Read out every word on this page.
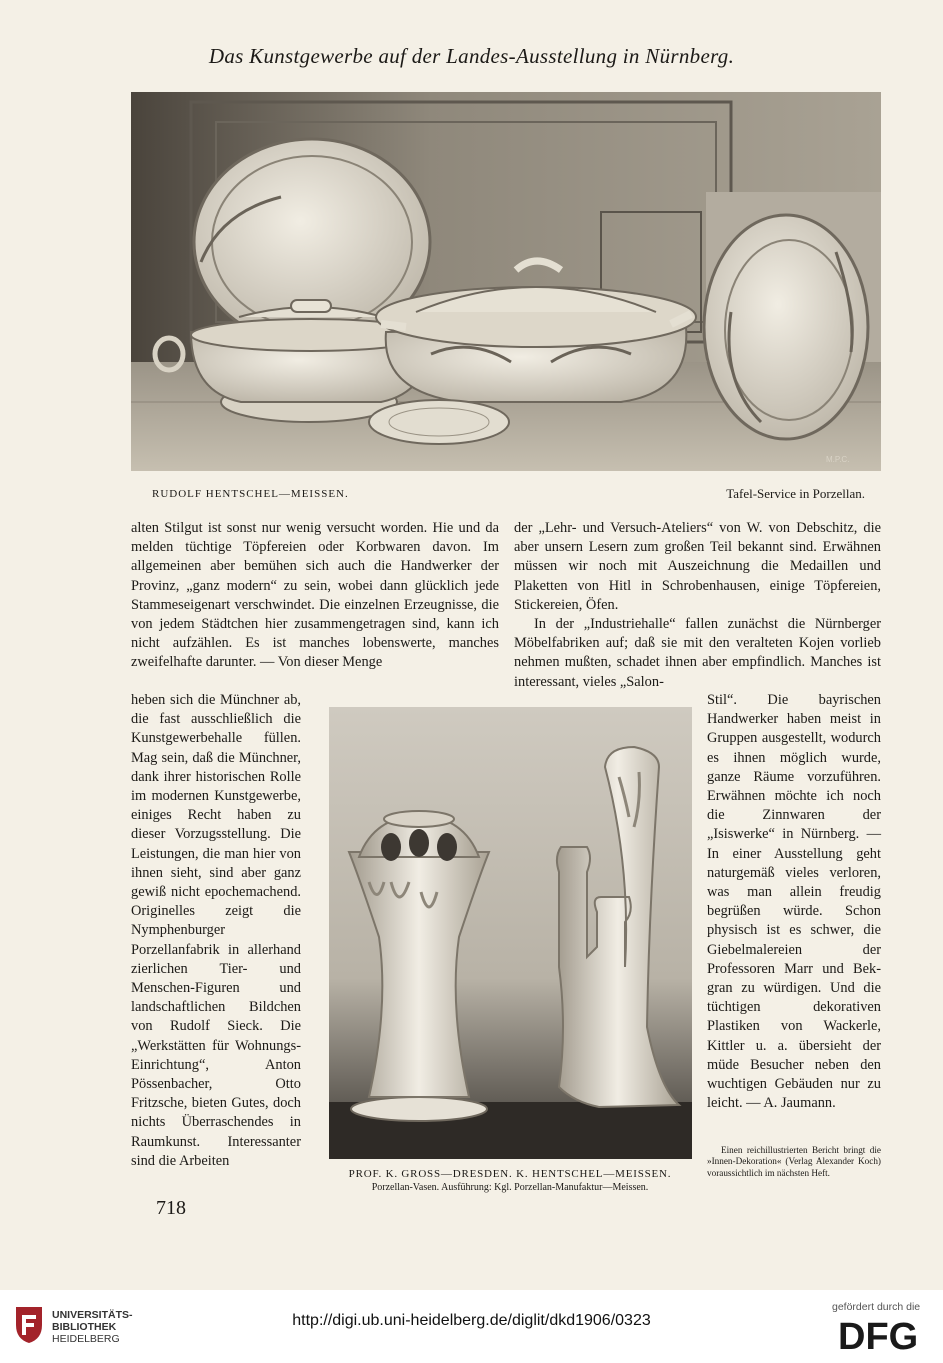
Das Kunstgewerbe auf der Landes-Ausstellung in Nürnberg.
M.P.C.
RUDOLF HENTSCHEL—MEISSEN.	Tafel-Service in Porzellan.

alten Stilgut ist sonst nur wenig versucht worden. Hie und da melden tüchtige Töpfereien oder Korbwaren davon. Im allgemeinen aber bemühen sich auch die Handwerker der Provinz, „ganz modern“ zu sein, wobei dann glücklich jede Stammeseigenart verschwindet. Die einzelnen Erzeugnisse, die von jedem Städtchen hier zusammengetragen sind, kann ich nicht aufzählen. Es ist manches lobenswerte, manches zweifelhafte darunter. — Von dieser Menge

heben sich die Münchner ab, die fast ausschließlich die Kunstgewerbehalle füllen. Mag sein, daß die Münchner, dank ihrer historischen Rolle im modernen Kunstgewerbe, einiges Recht haben zu dieser Vorzugsstellung. Die Leistungen, die man hier von ihnen sieht, sind aber ganz gewiß nicht epochemachend. Originelles zeigt die Nymphenburger Porzellanfabrik in allerhand zierlichen Tier- und Menschen-Figuren und landschaftlichen Bildchen von Rudolf Sieck. Die „Werkstätten für Wohnungs-Einrichtung“, Anton Pössenbacher, Otto Fritzsche, bieten Gutes, doch nichts Überraschendes in Raumkunst. Interessanter sind die Arbeiten

der „Lehr- und Versuch-Ateliers“ von W. von Debschitz, die aber unsern Lesern zum großen Teil bekannt sind. Erwähnen müssen wir noch mit Auszeichnung die Medaillen und Plaketten von Hitl in Schrobenhausen, einige Töpfereien, Stickereien, Öfen.

In der „Industriehalle“ fallen zunächst die Nürnberger Möbelfabriken auf; daß sie mit den veralteten Kojen vorlieb nehmen mußten, schadet ihnen aber empfindlich. Manches ist interessant, vieles „Salon-

Stil“. Die bayrischen Handwerker haben meist in Gruppen ausgestellt, wodurch es ihnen möglich wurde, ganze Räume vorzuführen. Erwähnen möchte ich noch die Zinnwaren der „Isiswerke“ in Nürnberg. — In einer Ausstellung geht naturgemäß vieles verloren, was man allein freudig begrüßen würde. Schon physisch ist es schwer, die Giebelmalereien der Professoren Marr und Bek-gran zu würdigen. Und die tüchtigen dekorativen Plastiken von Wackerle, Kittler u. a. übersieht der müde Besucher neben den wuchtigen Gebäuden nur zu leicht. — A. Jaumann.

PROF. K. GROSS—DRESDEN. K. HENTSCHEL—MEISSEN.
Porzellan-Vasen. Ausführung: Kgl. Porzellan-Manufaktur—Meissen.
Einen reichillustrierten Bericht bringt die »Innen-Dekoration« (Verlag Alexander Koch) voraussichtlich im nächsten Heft.
718
UNIVERSITÄTS-
BIBLIOTHEK
HEIDELBERG
http://digi.ub.uni-heidelberg.de/diglit/dkd1906/0323
gefördert durch die
DFG
